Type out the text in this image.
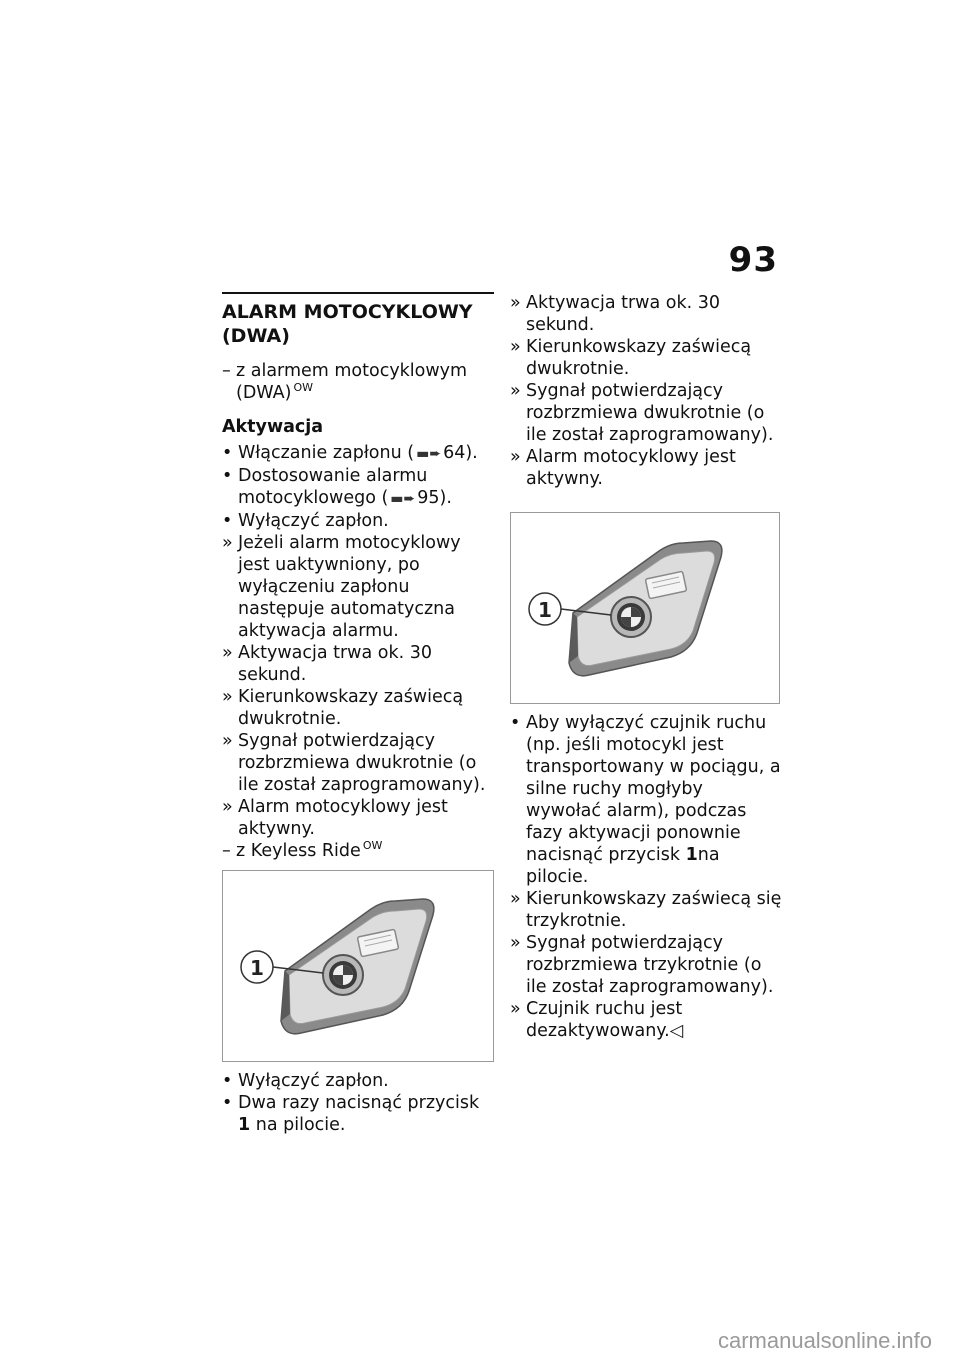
93
ALARM MOTOCYKLOWY
(DWA)
– z alarmem motocyklowym (DWA) $^{OW}$
Aktywacja
• Włączanie zapłonu ( ▬➨ 64).
• Dostosowanie alarmu motocyklowego ( ▬➨ 95).
• Wyłączyć zapłon.
» Jeżeli alarm motocyklowy jest uaktywniony, po wyłączeniu zapłonu następuje automatyczna aktywacja alarmu.
» Aktywacja trwa ok. 30 sekund.
» Kierunkowskazy zaświecą dwukrotnie.
» Sygnał potwierdzający rozbrzmiewa dwukrotnie (o ile został zaprogramowany).
» Alarm motocyklowy jest aktywny.
– z Keyless Ride $^{OW}$
1
• Wyłączyć zapłon.
• Dwa razy nacisnąć przycisk 1 na pilocie.
» Aktywacja trwa ok. 30 sekund.
» Kierunkowskazy zaświecą dwukrotnie.
» Sygnał potwierdzający rozbrzmiewa dwukrotnie (o ile został zaprogramowany).
» Alarm motocyklowy jest aktywny.
1
• Aby wyłączyć czujnik ruchu (np. jeśli motocykl jest transportowany w pociągu, a silne ruchy mogłyby wywołać alarm), podczas fazy aktywacji ponownie nacisnąć przycisk 1na pilocie.
» Kierunkowskazy zaświecą się trzykrotnie.
» Sygnał potwierdzający rozbrzmiewa trzykrotnie (o ile został zaprogramowany).
» Czujnik ruchu jest dezaktywowany.◁
carmanualsonline.info
